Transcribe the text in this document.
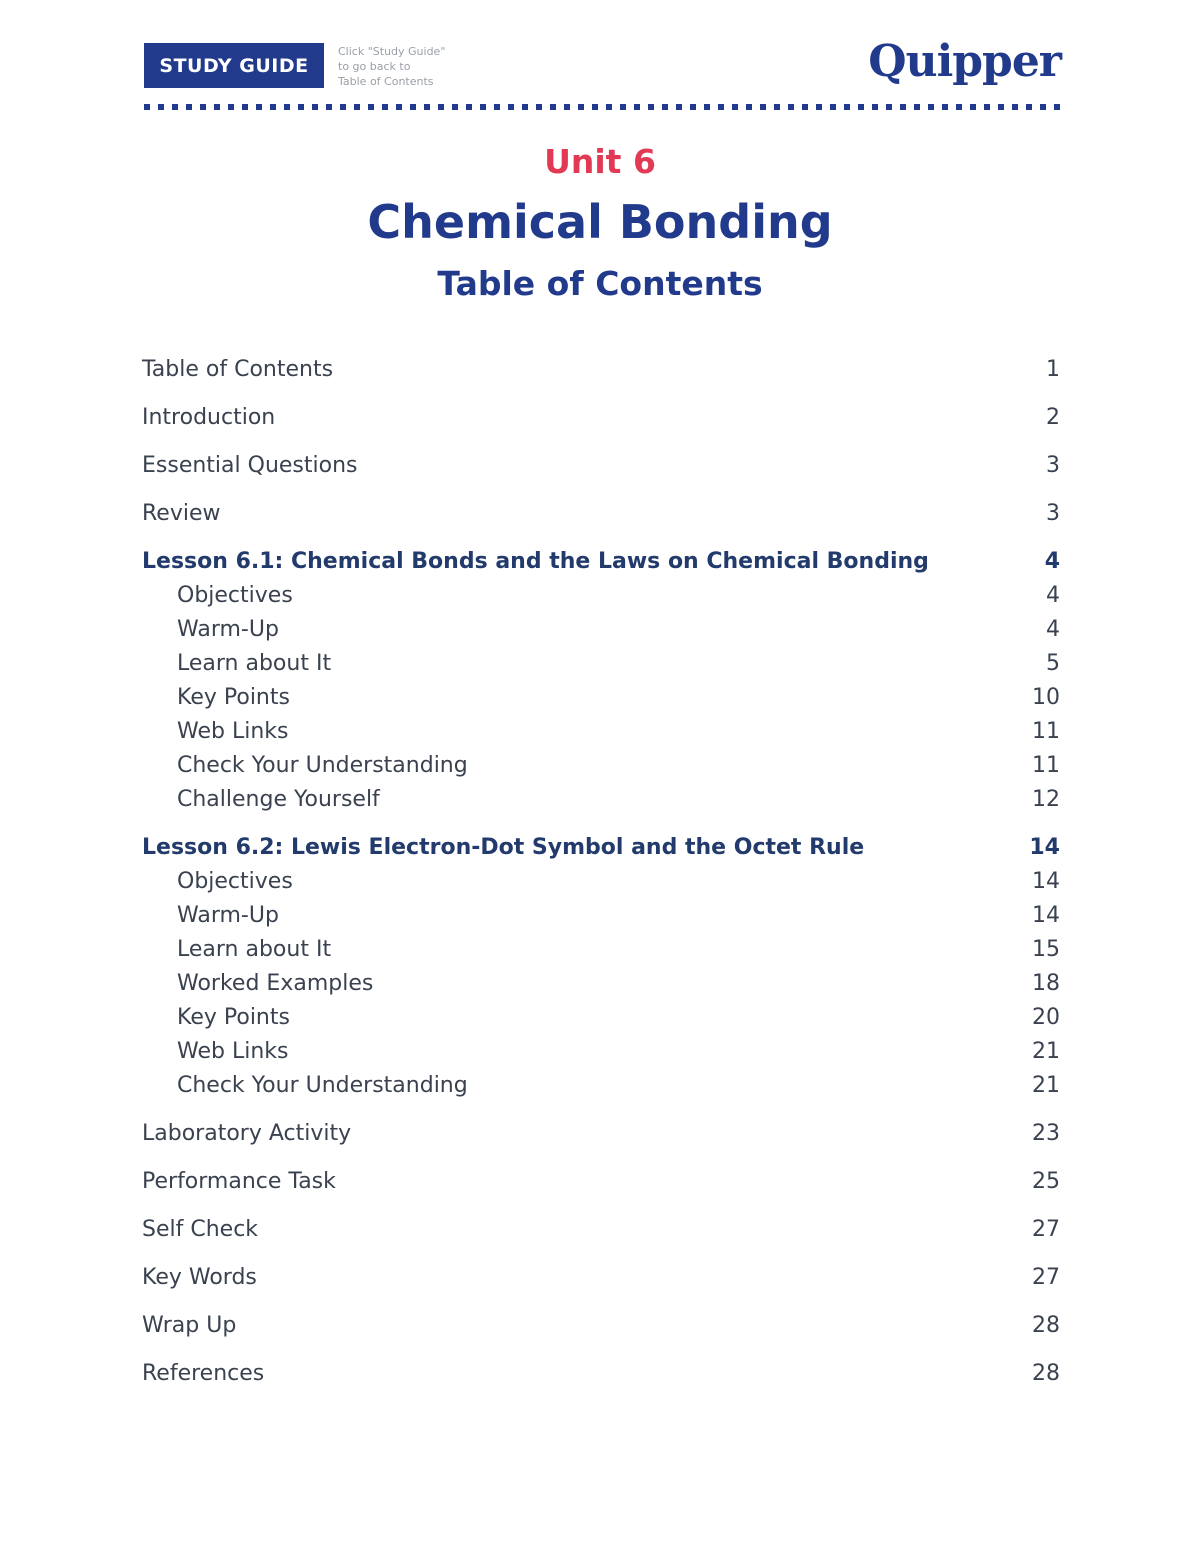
STUDY GUIDE
Click "Study Guide"
to go back to
Table of Contents	Quipper
Unit 6
Chemical Bonding
Table of Contents
Table of Contents	1
Introduction	2
Essential Questions	3
Review	3
Lesson 6.1: Chemical Bonds and the Laws on Chemical Bonding	4
Objectives	4
Warm-Up	4
Learn about It	5
Key Points	10
Web Links	11
Check Your Understanding	11
Challenge Yourself	12
Lesson 6.2: Lewis Electron-Dot Symbol and the Octet Rule	14
Objectives	14
Warm-Up	14
Learn about It	15
Worked Examples	18
Key Points	20
Web Links	21
Check Your Understanding	21
Laboratory Activity	23
Performance Task	25
Self Check	27
Key Words	27
Wrap Up	28
References	28
